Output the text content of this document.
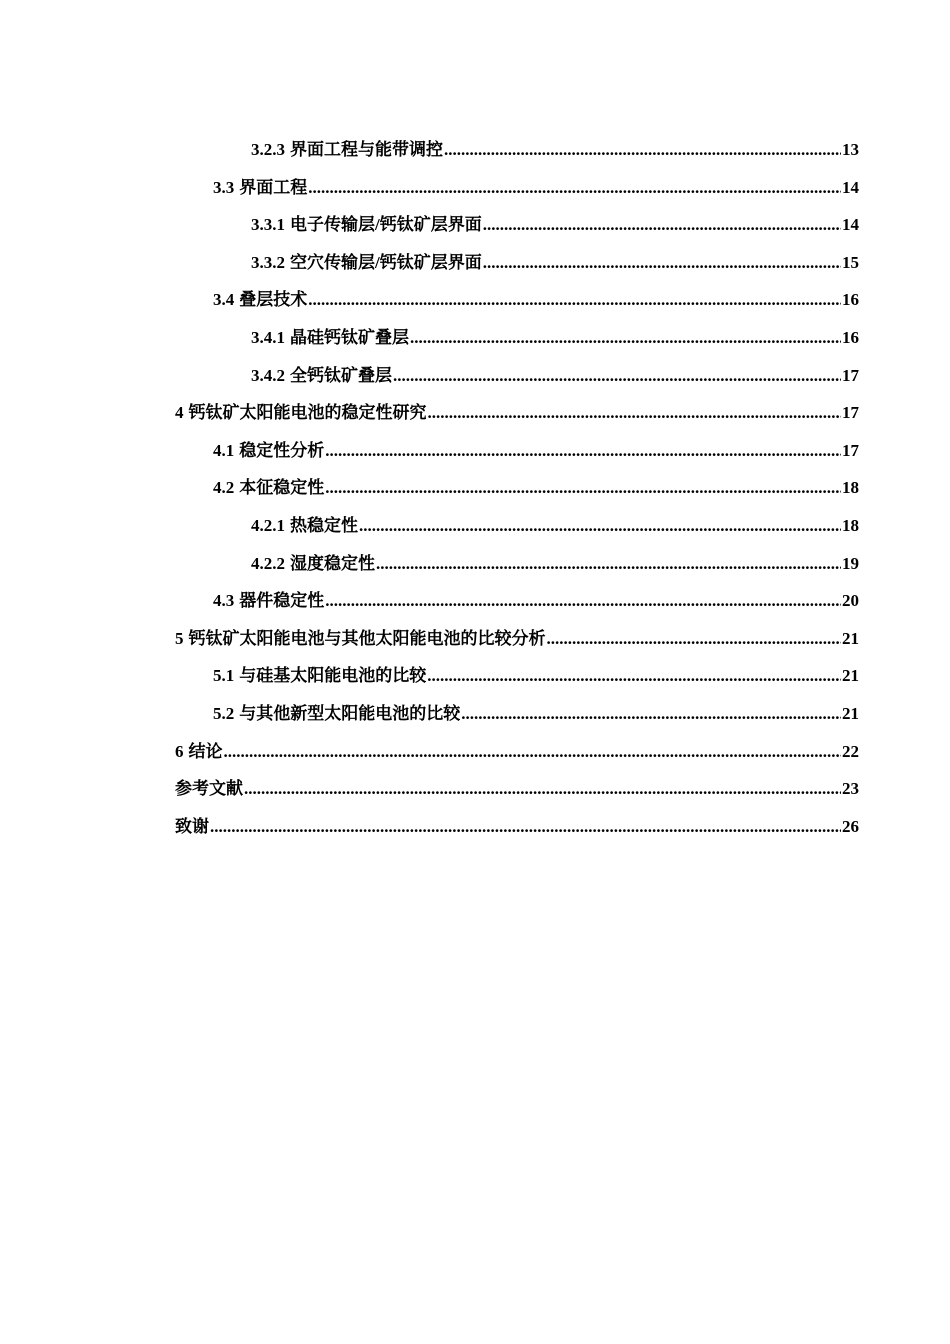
3.2.3 界面工程与能带调控 .....	13
3.3 界面工程 .....	14
3.3.1 电子传输层/钙钛矿层界面 .....	14
3.3.2 空穴传输层/钙钛矿层界面 .....	15
3.4 叠层技术 .....	16
3.4.1 晶硅钙钛矿叠层 .....	16
3.4.2 全钙钛矿叠层 .....	17
4 钙钛矿太阳能电池的稳定性研究 .....	17
4.1 稳定性分析 .....	17
4.2 本征稳定性 .....	18
4.2.1 热稳定性 .....	18
4.2.2 湿度稳定性 .....	19
4.3 器件稳定性 .....	20
5 钙钛矿太阳能电池与其他太阳能电池的比较分析 .....	21
5.1 与硅基太阳能电池的比较 .....	21
5.2 与其他新型太阳能电池的比较 .....	21
6 结论 .....	22
参考文献 .....	23
致谢 .....	26
